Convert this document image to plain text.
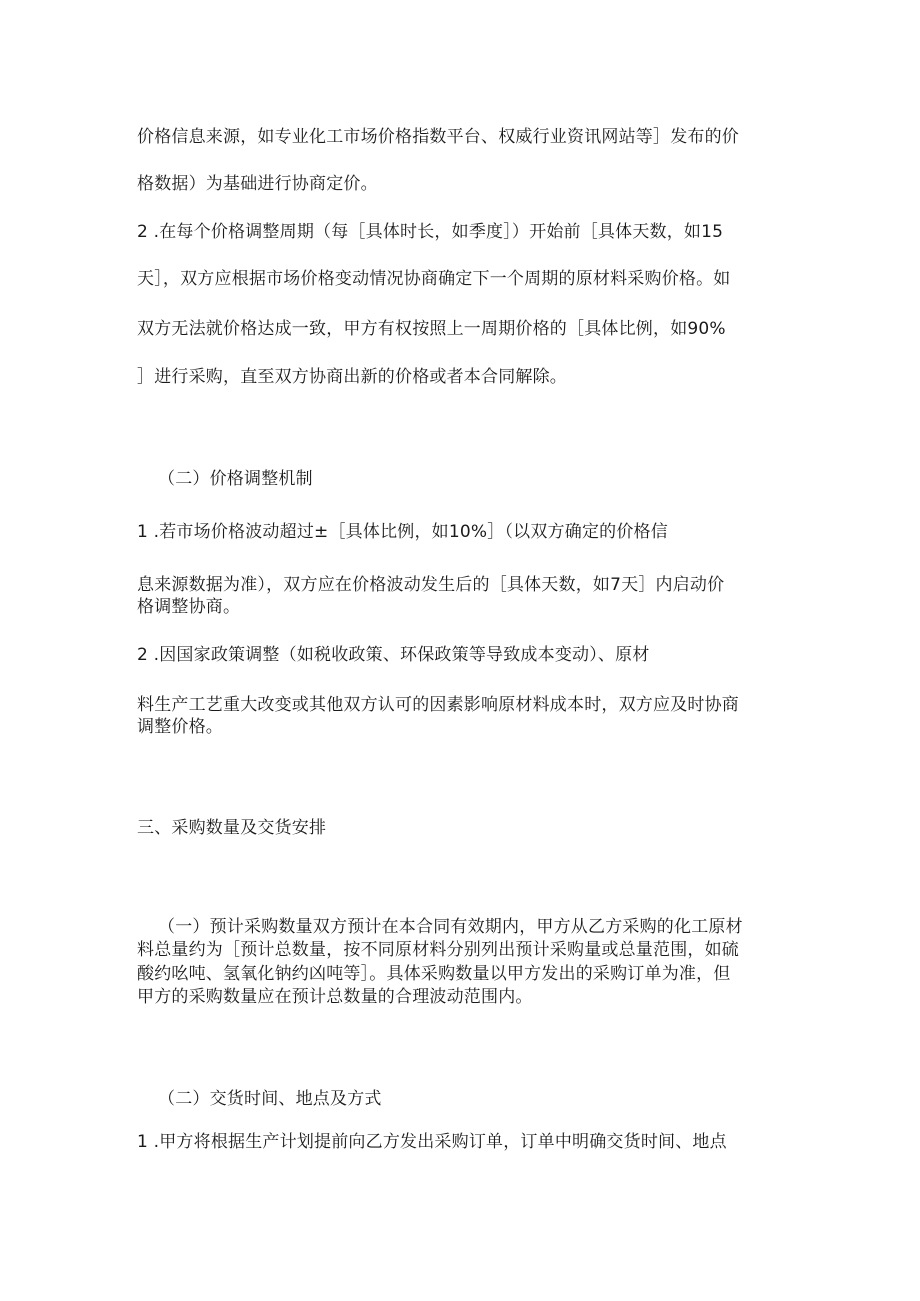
价格信息来源，如专业化工市场价格指数平台、权威行业资讯网站等］发布的价

格数据）为基础进行协商定价。

2 .在每个价格调整周期（每［具体时长，如季度］）开始前［具体天数，如15

天］，双方应根据市场价格变动情况协商确定下一个周期的原材料采购价格。如

双方无法就价格达成一致，甲方有权按照上一周期价格的［具体比例，如90%

］进行采购，直至双方协商出新的价格或者本合同解除。

（二）价格调整机制

1 .若市场价格波动超过±［具体比例，如10%］（以双方确定的价格信

息来源数据为准），双方应在价格波动发生后的［具体天数，如7天］内启动价

格调整协商。

2 .因国家政策调整（如税收政策、环保政策等导致成本变动）、原材

料生产工艺重大改变或其他双方认可的因素影响原材料成本时，双方应及时协商

调整价格。

三、采购数量及交货安排

（一）预计采购数量双方预计在本合同有效期内，甲方从乙方采购的化工原材

料总量约为［预计总数量，按不同原材料分别列出预计采购量或总量范围，如硫

酸约吆吨、氢氧化钠约凶吨等］。具体采购数量以甲方发出的采购订单为准，但

甲方的采购数量应在预计总数量的合理波动范围内。

（二）交货时间、地点及方式

1 .甲方将根据生产计划提前向乙方发出采购订单，订单中明确交货时间、地点
